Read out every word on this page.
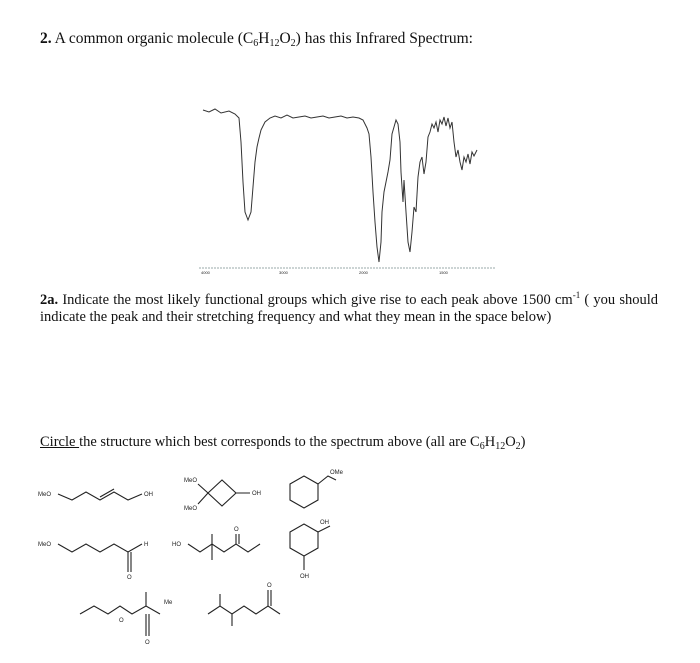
2. A common organic molecule $(C_6H_{12}O_2)$ has this Infrared Spectrum:
4000	3000	2000	1500
2a. Indicate the most likely functional groups which give rise to each peak above 1500 $cm^{-1}$ ( you should indicate the peak and their stretching frequency and what they mean in the space below)
Circle the structure which best corresponds to the spectrum above (all are $C_6H_{12}O_2$)
MeO	OH
MeO
MeO
OH
OMe
MeO	H
O
HO
O
OH
OH
O
Me
O
O
